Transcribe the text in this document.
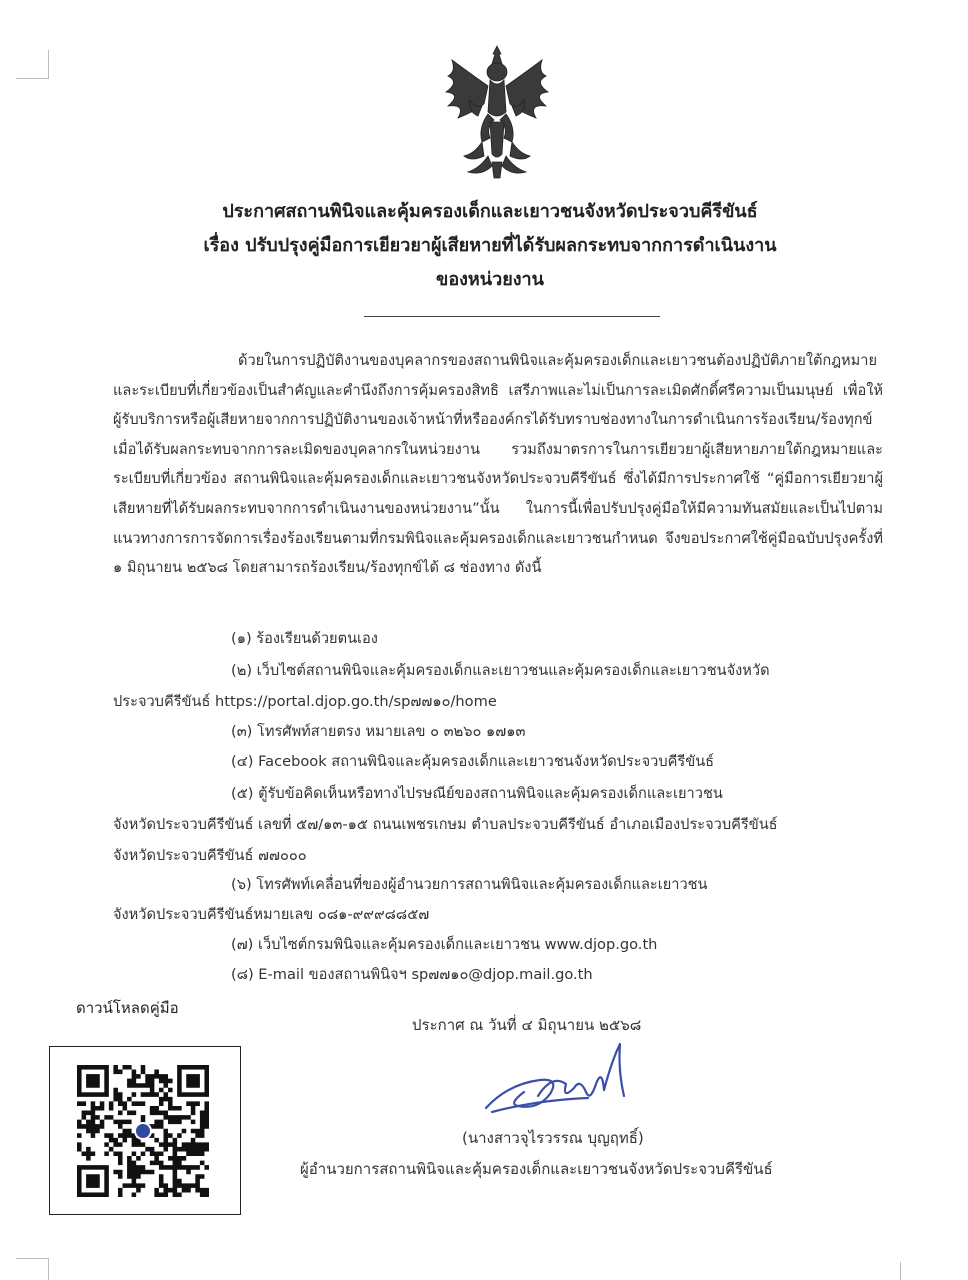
ประกาศสถานพินิจและคุ้มครองเด็กและเยาวชนจังหวัดประจวบคีรีขันธ์
เรื่อง ปรับปรุงคู่มือการเยียวยาผู้เสียหายที่ได้รับผลกระทบจากการดำเนินงาน
ของหน่วยงาน
ด้วยในการปฏิบัติงานของบุคลากรของสถานพินิจและคุ้มครองเด็กและเยาวชนต้องปฏิบัติภายใต้กฎหมายและระเบียบที่เกี่ยวข้องเป็นสำคัญและคำนึงถึงการคุ้มครองสิทธิ เสรีภาพและไม่เป็นการละเมิดศักดิ์ศรีความเป็นมนุษย์ เพื่อให้ผู้รับบริการหรือผู้เสียหายจากการปฏิบัติงานของเจ้าหน้าที่หรือองค์กรได้รับทราบช่องทางในการดำเนินการร้องเรียน/ร้องทุกข์ เมื่อได้รับผลกระทบจากการละเมิดของบุคลากรในหน่วยงาน รวมถึงมาตรการในการเยียวยาผู้เสียหายภายใต้กฎหมายและระเบียบที่เกี่ยวข้อง สถานพินิจและคุ้มครองเด็กและเยาวชนจังหวัดประจวบคีรีขันธ์ ซึ่งได้มีการประกาศใช้ “คู่มือการเยียวยาผู้เสียหายที่ได้รับผลกระทบจากการดำเนินงานของหน่วยงาน”นั้น ในการนี้เพื่อปรับปรุงคู่มือให้มีความทันสมัยและเป็นไปตามแนวทางการการจัดการเรื่องร้องเรียนตามที่กรมพินิจและคุ้มครองเด็กและเยาวชนกำหนด จึงขอประกาศใช้คู่มือฉบับปรุงครั้งที่ ๑ มิถุนายน ๒๕๖๘ โดยสามารถร้องเรียน/ร้องทุกข์ได้ ๘ ช่องทาง ดังนี้
(๑) ร้องเรียนด้วยตนเอง
(๒) เว็บไซต์สถานพินิจและคุ้มครองเด็กและเยาวชนและคุ้มครองเด็กและเยาวชนจังหวัด
ประจวบคีรีขันธ์ https://portal.djop.go.th/sp๗๗๑๐/home
(๓) โทรศัพท์สายตรง หมายเลข ๐ ๓๒๖๐ ๑๗๑๓
(๔) Facebook สถานพินิจและคุ้มครองเด็กและเยาวชนจังหวัดประจวบคีรีขันธ์
(๕) ตู้รับข้อคิดเห็นหรือทางไปรษณีย์ของสถานพินิจและคุ้มครองเด็กและเยาวชน
จังหวัดประจวบคีรีขันธ์ เลขที่ ๕๗/๑๓-๑๕ ถนนเพชรเกษม ตำบลประจวบคีรีขันธ์ อำเภอเมืองประจวบคีรีขันธ์
จังหวัดประจวบคีรีขันธ์ ๗๗๐๐๐
(๖) โทรศัพท์เคลื่อนที่ของผู้อำนวยการสถานพินิจและคุ้มครองเด็กและเยาวชน
จังหวัดประจวบคีรีขันธ์หมายเลข ๐๘๑-๙๙๙๘๘๕๗
(๗) เว็บไซต์กรมพินิจและคุ้มครองเด็กและเยาวชน www.djop.go.th
(๘) E-mail ของสถานพินิจฯ sp๗๗๑๐@djop.mail.go.th
ดาวน์โหลดคู่มือ
ประกาศ ณ วันที่ ๔ มิถุนายน ๒๕๖๘
(นางสาวจุไรวรรณ บุญฤทธิ์)
ผู้อำนวยการสถานพินิจและคุ้มครองเด็กและเยาวชนจังหวัดประจวบคีรีขันธ์
